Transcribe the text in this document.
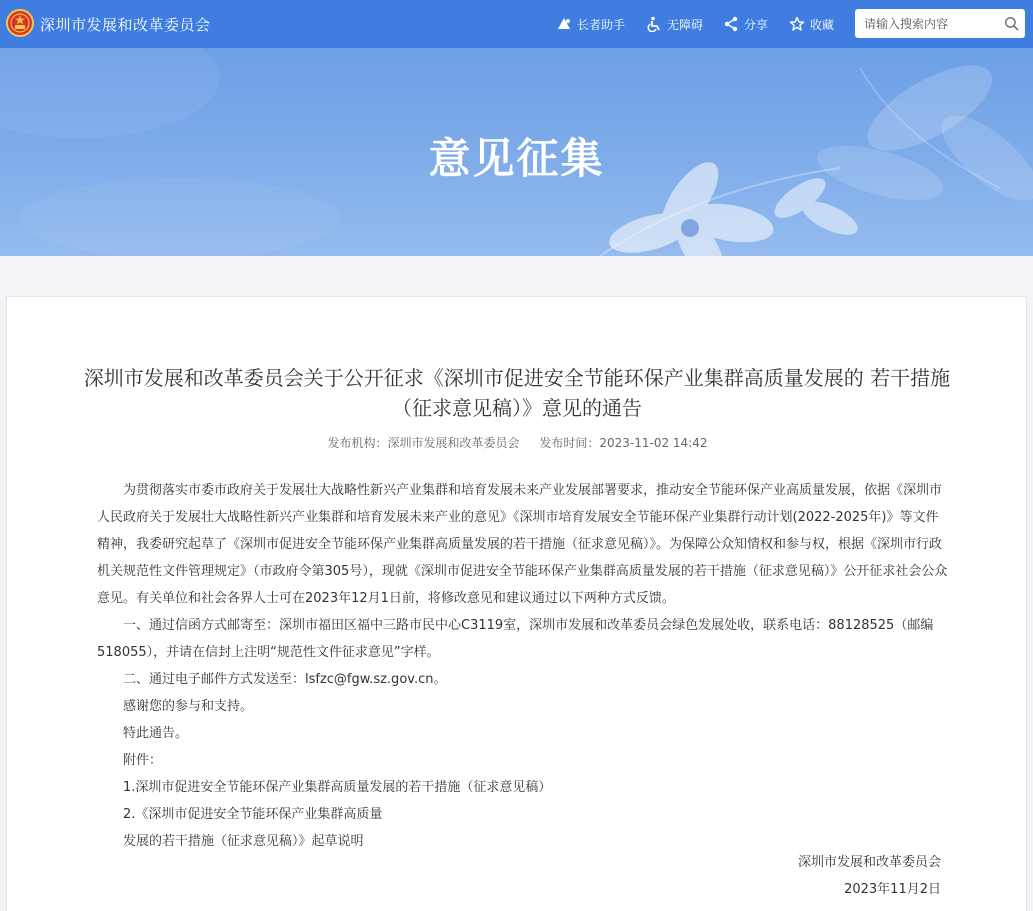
深圳市发展和改革委员会	长者助手	无障碍	分享	收藏
请输入搜索内容
意见征集
深圳市发展和改革委员会关于公开征求《深圳市促进安全节能环保产业集群高质量发展的 若干措施（征求意见稿）》意见的通告
发布机构：深圳市发展和改革委员会 发布时间：2023-11-02 14:42

为贯彻落实市委市政府关于发展壮大战略性新兴产业集群和培育发展未来产业发展部署要求，推动安全节能环保产业高质量发展，依据《深圳市人民政府关于发展壮大战略性新兴产业集群和培育发展未来产业的意见》《深圳市培育发展安全节能环保产业集群行动计划(2022-2025年)》等文件精神，我委研究起草了《深圳市促进安全节能环保产业集群高质量发展的若干措施（征求意见稿）》。为保障公众知情权和参与权，根据《深圳市行政机关规范性文件管理规定》（市政府令第305号），现就《深圳市促进安全节能环保产业集群高质量发展的若干措施（征求意见稿）》公开征求社会公众意见。有关单位和社会各界人士可在2023年12月1日前，将修改意见和建议通过以下两种方式反馈。

一、通过信函方式邮寄至：深圳市福田区福中三路市民中心C3119室，深圳市发展和改革委员会绿色发展处收，联系电话：88128525（邮编518055），并请在信封上注明“规范性文件征求意见”字样。

二、通过电子邮件方式发送至：lsfzc@fgw.sz.gov.cn。

感谢您的参与和支持。

特此通告。

附件：

1.深圳市促进安全节能环保产业集群高质量发展的若干措施（征求意见稿）

2.《深圳市促进安全节能环保产业集群高质量

发展的若干措施（征求意见稿）》起草说明

深圳市发展和改革委员会
2023年11月2日
